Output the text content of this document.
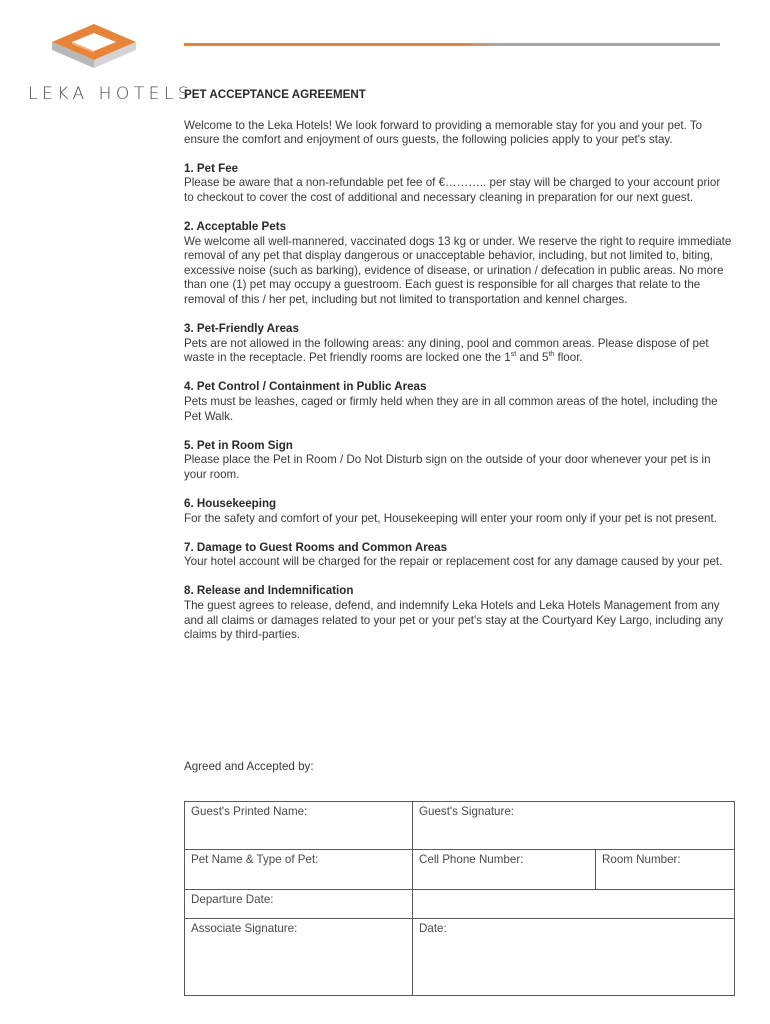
LEKA HOTELS
PET ACCEPTANCE AGREEMENT
Welcome to the Leka Hotels! We look forward to providing a memorable stay for you and your pet. To ensure the comfort and enjoyment of ours guests, the following policies apply to your pet's stay.
1. Pet Fee
Please be aware that a non-refundable pet fee of €……….. per stay will be charged to your account prior to checkout to cover the cost of additional and necessary cleaning in preparation for our next guest.
2. Acceptable Pets
We welcome all well-mannered, vaccinated dogs 13 kg or under. We reserve the right to require immediate removal of any pet that display dangerous or unacceptable behavior, including, but not limited to, biting, excessive noise (such as barking), evidence of disease, or urination / defecation in public areas. No more than one (1) pet may occupy a guestroom. Each guest is responsible for all charges that relate to the removal of this / her pet, including but not limited to transportation and kennel charges.
3. Pet-Friendly Areas
Pets are not allowed in the following areas: any dining, pool and common areas. Please dispose of pet waste in the receptacle. Pet friendly rooms are locked one the 1st and 5th floor.
4. Pet Control / Containment in Public Areas
Pets must be leashes, caged or firmly held when they are in all common areas of the hotel, including the Pet Walk.
5. Pet in Room Sign
Please place the Pet in Room / Do Not Disturb sign on the outside of your door whenever your pet is in your room.
6. Housekeeping
For the safety and comfort of your pet, Housekeeping will enter your room only if your pet is not present.
7. Damage to Guest Rooms and Common Areas
Your hotel account will be charged for the repair or replacement cost for any damage caused by your pet.
8. Release and Indemnification
The guest agrees to release, defend, and indemnify Leka Hotels and Leka Hotels Management from any and all claims or damages related to your pet or your pet's stay at the Courtyard Key Largo, including any claims by third-parties.
Agreed and Accepted by:
Guest's Printed Name:	Guest's Signature:	
Pet Name & Type of Pet:	Cell Phone Number:	Room Number:
Departure Date:		
Associate Signature:	Date:	
